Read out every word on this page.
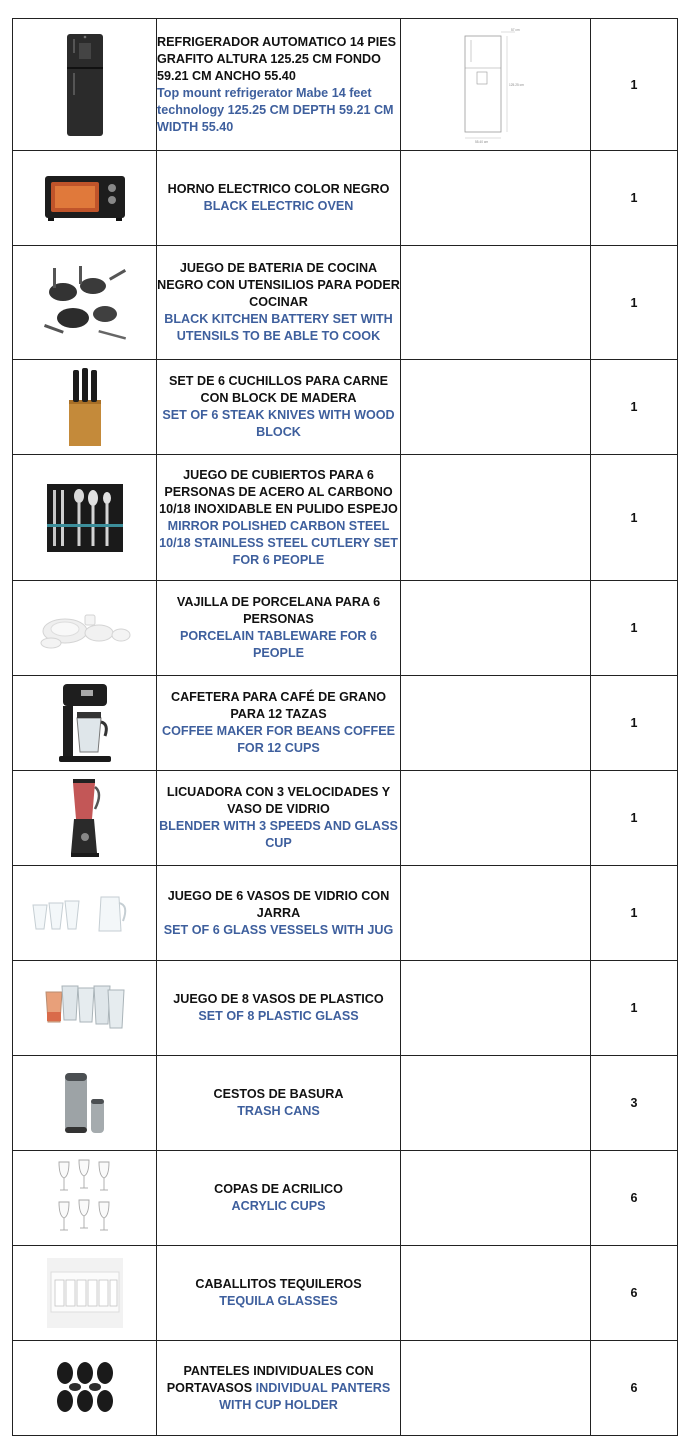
REFRIGERADOR AUTOMATICO 14 PIES GRAFITO ALTURA 125.25 CM FONDO 59.21 CM ANCHO 55.40
Top mount refrigerator Mabe 14 feet technology 125.25 CM DEPTH 59.21 CM WIDTH 55.40	125.25 cm
55.40 cm
57 cm	1

HORNO ELECTRICO COLOR NEGRO
BLACK ELECTRIC OVEN		1

JUEGO DE BATERIA DE COCINA NEGRO CON UTENSILIOS PARA PODER COCINAR
BLACK KITCHEN BATTERY SET WITH UTENSILS TO BE ABLE TO COOK		1

SET DE 6 CUCHILLOS PARA CARNE CON BLOCK DE MADERA
SET OF 6 STEAK KNIVES WITH WOOD BLOCK		1

JUEGO DE CUBIERTOS PARA 6 PERSONAS DE ACERO AL CARBONO 10/18 INOXIDABLE EN PULIDO ESPEJO
MIRROR POLISHED CARBON STEEL 10/18 STAINLESS STEEL CUTLERY SET FOR 6 PEOPLE		1

VAJILLA DE PORCELANA PARA 6 PERSONAS
PORCELAIN TABLEWARE FOR 6 PEOPLE		1

CAFETERA PARA CAFÉ DE GRANO PARA 12 TAZAS
COFFEE MAKER FOR BEANS COFFEE FOR 12 CUPS		1

LICUADORA CON 3 VELOCIDADES Y VASO DE VIDRIO
BLENDER WITH 3 SPEEDS AND GLASS CUP		1

JUEGO DE 6 VASOS DE VIDRIO CON JARRA
SET OF 6 GLASS VESSELS WITH JUG		1

JUEGO DE 8 VASOS DE PLASTICO
SET OF 8 PLASTIC GLASS		1

CESTOS DE BASURA
TRASH CANS		3

COPAS DE ACRILICO
ACRYLIC CUPS		6

CABALLITOS TEQUILEROS
TEQUILA GLASSES		6

	PANTELES INDIVIDUALES CON PORTAVASOS INDIVIDUAL PANTERS WITH CUP HOLDER		6
